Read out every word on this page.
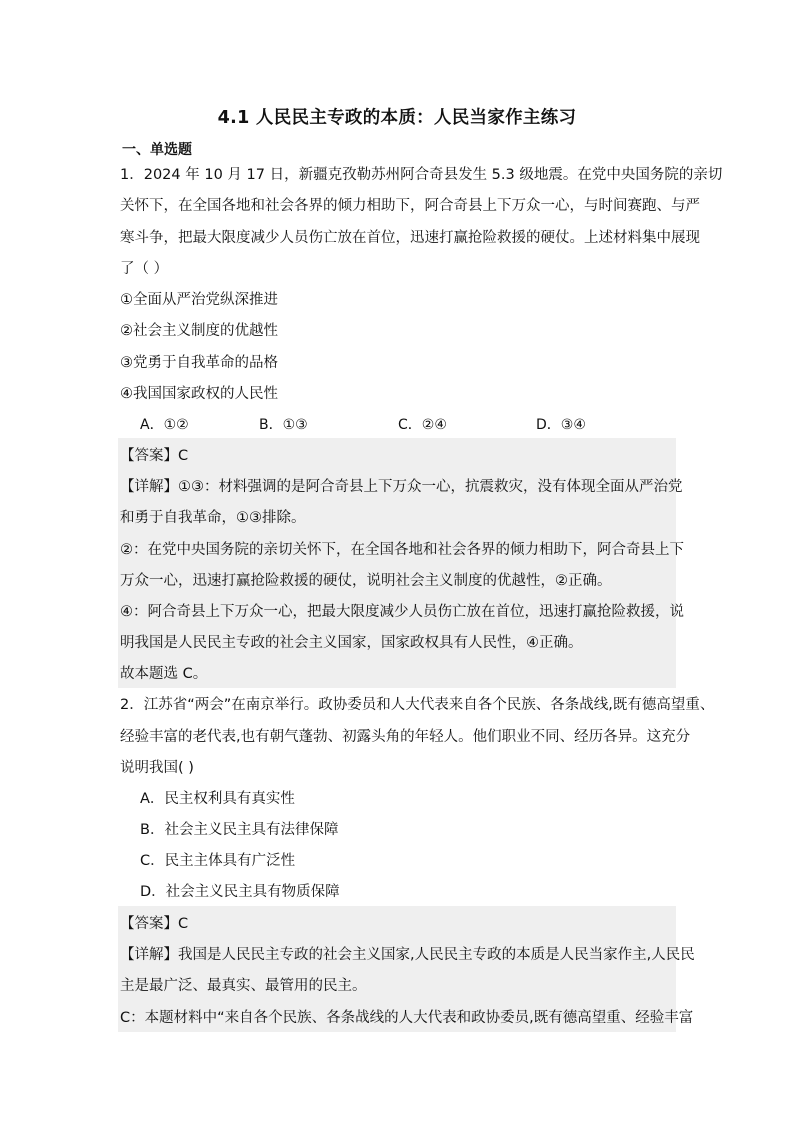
4.1 人民民主专政的本质：人民当家作主练习
一、单选题
1．2024 年 10 月 17 日，新疆克孜勒苏州阿合奇县发生 5.3 级地震。在党中央国务院的亲切
关怀下，在全国各地和社会各界的倾力相助下，阿合奇县上下万众一心，与时间赛跑、与严
寒斗争，把最大限度减少人员伤亡放在首位，迅速打赢抢险救援的硬仗。上述材料集中展现
了（ ）
①全面从严治党纵深推进
②社会主义制度的优越性
③党勇于自我革命的品格
④我国国家政权的人民性
A．①②	B．①③	C．②④	D．③④
【答案】C
【详解】①③：材料强调的是阿合奇县上下万众一心，抗震救灾，没有体现全面从严治党
和勇于自我革命，①③排除。
②：在党中央国务院的亲切关怀下，在全国各地和社会各界的倾力相助下，阿合奇县上下
万众一心，迅速打赢抢险救援的硬仗，说明社会主义制度的优越性，②正确。
④：阿合奇县上下万众一心，把最大限度减少人员伤亡放在首位，迅速打赢抢险救援，说
明我国是人民民主专政的社会主义国家，国家政权具有人民性，④正确。
故本题选 C。
2．江苏省“两会”在南京举行。政协委员和人大代表来自各个民族、各条战线,既有德高望重、
经验丰富的老代表,也有朝气蓬勃、初露头角的年轻人。他们职业不同、经历各异。这充分
说明我国( )
A．民主权利具有真实性
B．社会主义民主具有法律保障
C．民主主体具有广泛性
D．社会主义民主具有物质保障
【答案】C
【详解】我国是人民民主专政的社会主义国家,人民民主专政的本质是人民当家作主,人民民
主是最广泛、最真实、最管用的民主。
C：本题材料中“来自各个民族、各条战线的人大代表和政协委员,既有德高望重、经验丰富
